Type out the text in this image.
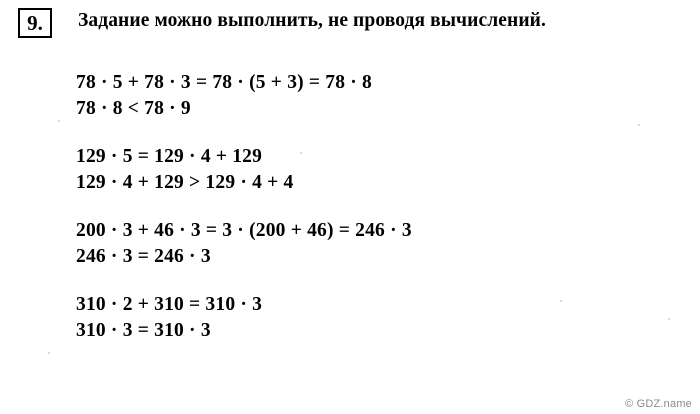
9.	Задание можно выполнить, не проводя вычислений.
78 · 5 + 78 · 3 = 78 · (5 + 3) = 78 · 8
78 · 8 < 78 · 9
129 · 5 = 129 · 4 + 129
129 · 4 + 129 > 129 · 4 + 4
200 · 3 + 46 · 3 = 3 · (200 + 46) = 246 · 3
246 · 3 = 246 · 3
310 · 2 + 310 = 310 · 3
310 · 3 = 310 · 3
© GDZ.name
